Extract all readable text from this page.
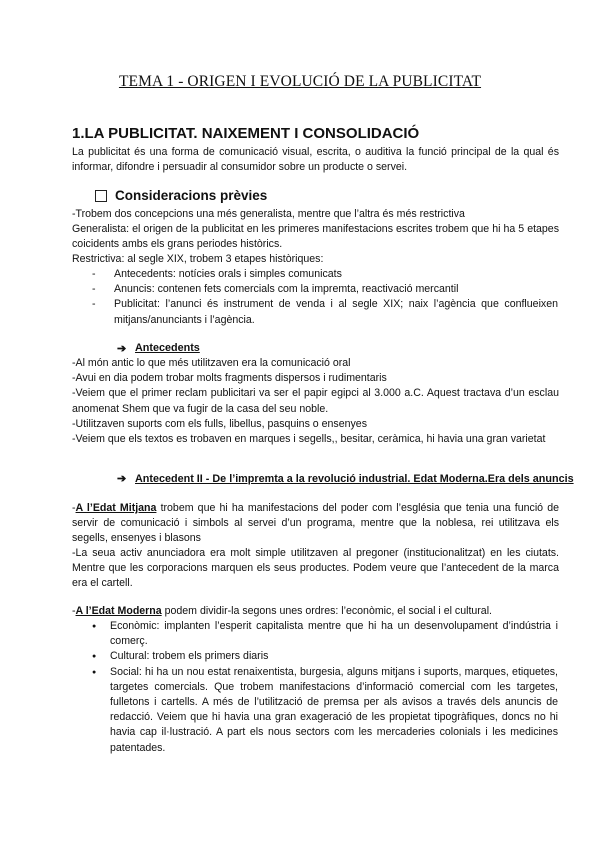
TEMA 1 - ORIGEN I EVOLUCIÓ DE LA PUBLICITAT
1.LA PUBLICITAT. NAIXEMENT I CONSOLIDACIÓ

La publicitat és una forma de comunicació visual, escrita, o auditiva la funció principal de la qual és informar, difondre i persuadir al consumidor sobre un producte o servei.

Consideracions prèvies

-Trobem dos concepcions una més generalista, mentre que l’altra és més restrictiva

Generalista: el origen de la publicitat en les primeres manifestacions escrites trobem que hi ha 5 etapes coicidents ambs els grans periodes històrics.

Restrictiva: al segle XIX, trobem 3 etapes històriques:

- Antecedents: notícies orals i simples comunicats
- Anuncis: contenen fets comercials com la impremta, reactivació mercantil
- Publicitat: l’anunci és instrument de venda i al segle XIX; naix l’agència que conflueixen mitjans/anunciants i l’agència.
➔ Antecedents
-Al món antic lo que més utilitzaven era la comunicació oral
-Avui en dia podem trobar molts fragments dispersos i rudimentaris
-Veiem que el primer reclam publicitari va ser el papir egipci al 3.000 a.C. Aquest tractava d’un esclau anomenat Shem que va fugir de la casa del seu noble.
-Utilitzaven suports com els fulls, libellus, pasquins o ensenyes
-Veiem que els textos es trobaven en marques i segells,, besitar, ceràmica, hi havia una gran varietat
➔ Antecedent II - De l’impremta a la revolució industrial. Edat Moderna.Era dels anuncis

-A l’Edat Mitjana trobem que hi ha manifestacions del poder com l’església que tenia una funció de servir de comunicació i simbols al servei d’un programa, mentre que la noblesa, rei utilitzava els segells, ensenyes i blasons

-La seua activ anunciadora era molt simple utilitzaven al pregoner (institucionalitzat) en les ciutats. Mentre que les corporacions marquen els seus productes. Podem veure que l’antecedent de la marca era el cartell.

-A l’Edat Moderna podem dividir-la segons unes ordres: l’econòmic, el social i el cultural.

● Econòmic: implanten l’esperit capitalista mentre que hi ha un desenvolupament d’indústria i comerç.
● Cultural: trobem els primers diaris
● Social: hi ha un nou estat renaixentista, burgesia, alguns mitjans i suports, marques, etiquetes, targetes comercials. Que trobem manifestacions d’informació comercial com les targetes, fulletons i cartells. A més de l’utilització de premsa per als avisos a través dels anuncis de redacció. Veiem que hi havia una gran exageració de les propietat tipogràfiques, doncs no hi havia cap il·lustració. A part els nous sectors com les mercaderies colonials i les medicines patentades.
